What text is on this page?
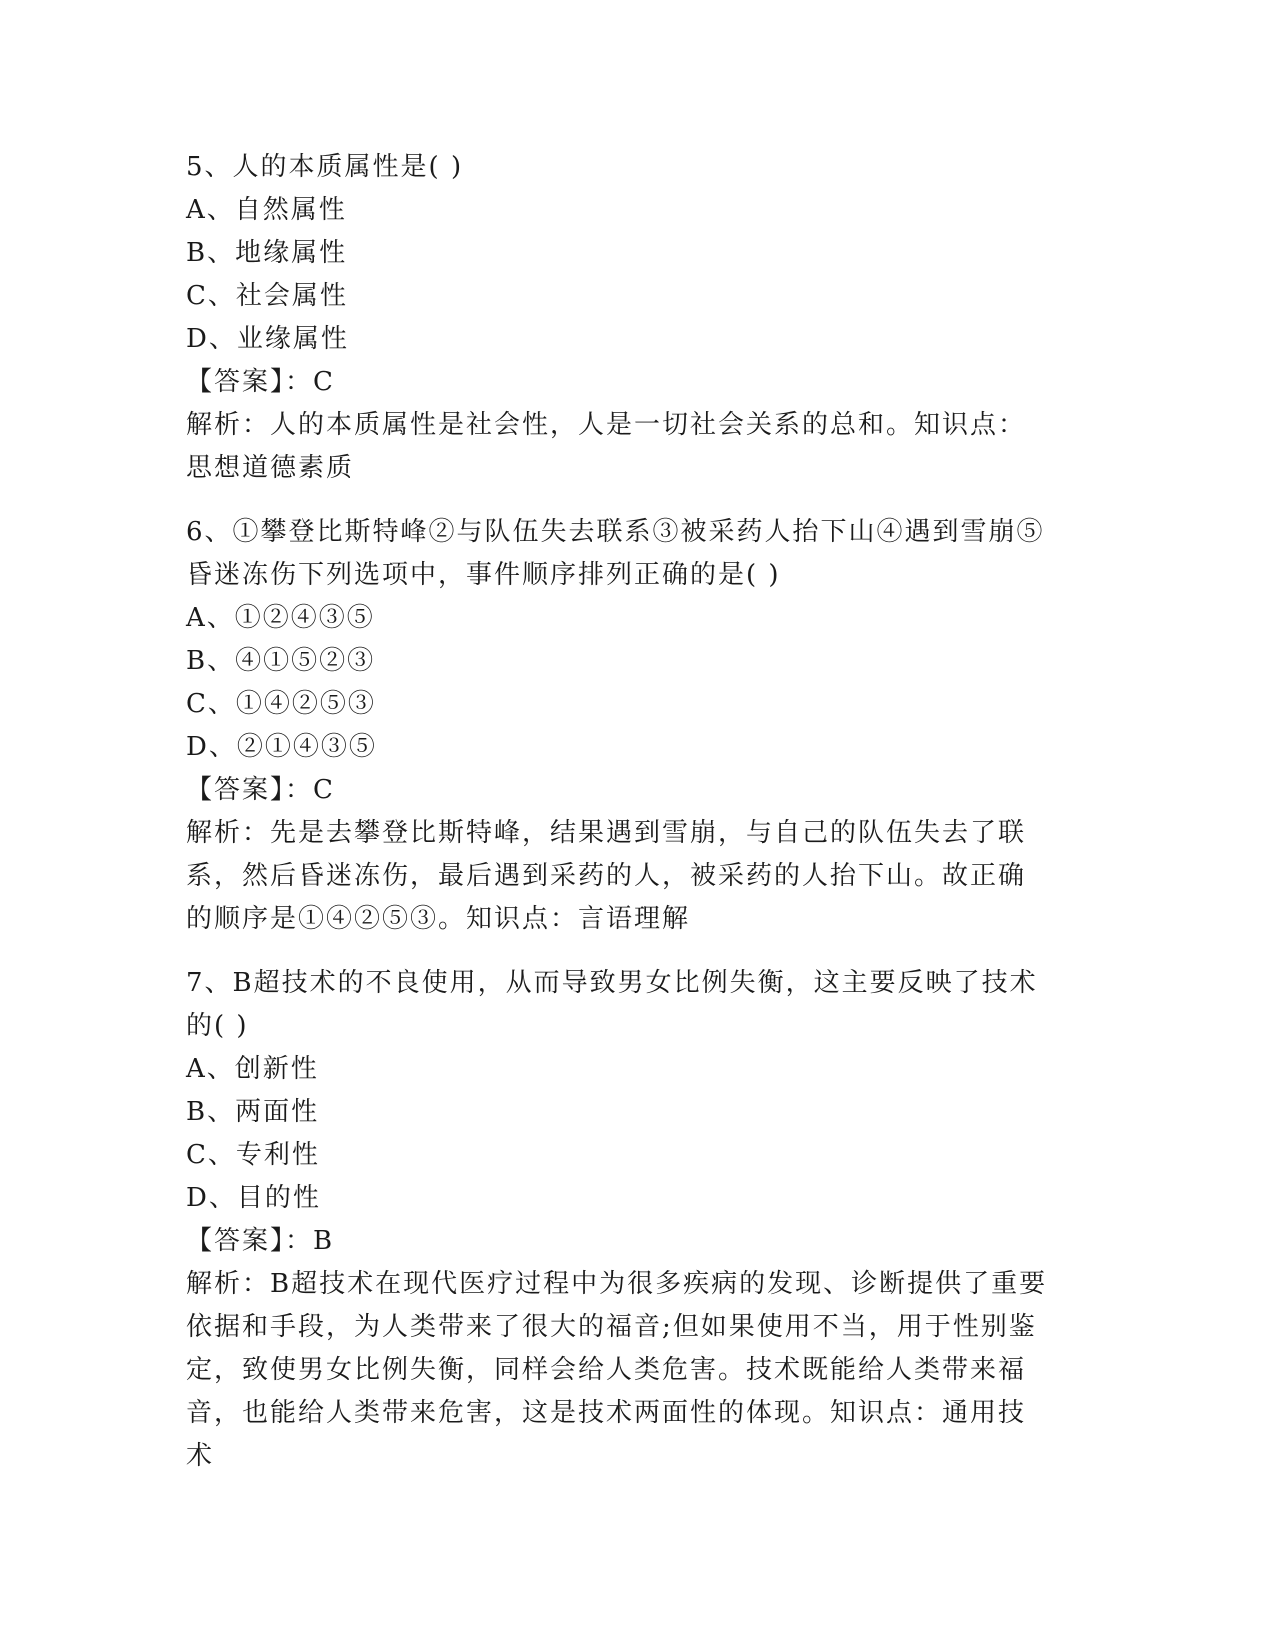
5、人的本质属性是( )
A、自然属性
B、地缘属性
C、社会属性
D、业缘属性
【答案】：C
解析：人的本质属性是社会性，人是一切社会关系的总和。知识点：
思想道德素质
6、①攀登比斯特峰②与队伍失去联系③被采药人抬下山④遇到雪崩⑤
昏迷冻伤下列选项中，事件顺序排列正确的是( )
A、①②④③⑤
B、④①⑤②③
C、①④②⑤③
D、②①④③⑤
【答案】：C
解析：先是去攀登比斯特峰，结果遇到雪崩，与自己的队伍失去了联
系，然后昏迷冻伤，最后遇到采药的人，被采药的人抬下山。故正确
的顺序是①④②⑤③。知识点：言语理解
7、B超技术的不良使用，从而导致男女比例失衡，这主要反映了技术
的( )
A、创新性
B、两面性
C、专利性
D、目的性
【答案】：B
解析：B超技术在现代医疗过程中为很多疾病的发现、诊断提供了重要
依据和手段，为人类带来了很大的福音;但如果使用不当，用于性别鉴
定，致使男女比例失衡，同样会给人类危害。技术既能给人类带来福
音，也能给人类带来危害，这是技术两面性的体现。知识点：通用技
术
